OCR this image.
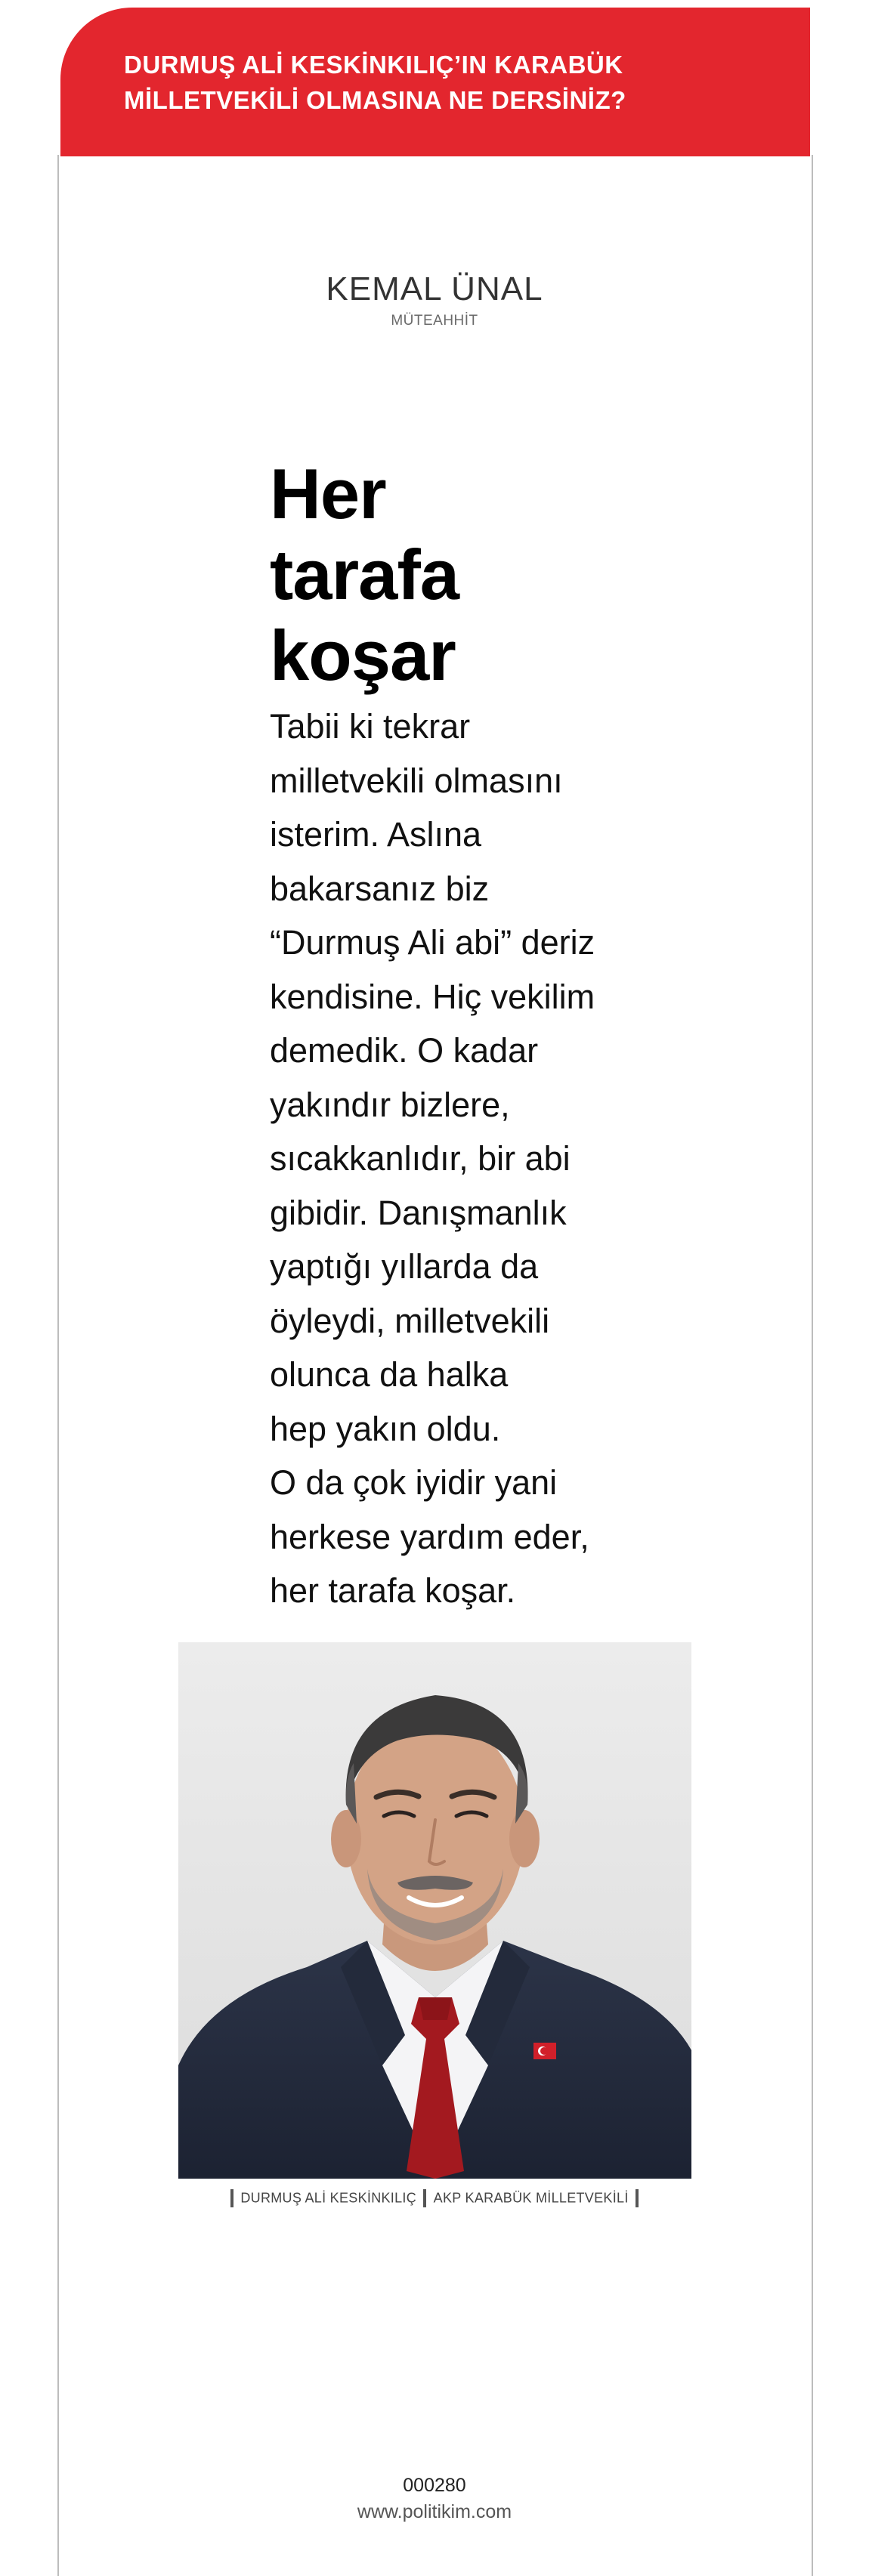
DURMUŞ ALİ KESKİNKILIÇ’IN KARABÜK
MİLLETVEKİLİ OLMASINA NE DERSİNİZ?
KEMAL ÜNAL
MÜTEAHHİT
Her
tarafa
koşar
Tabii ki tekrar
milletvekili olmasını
isterim. Aslına
bakarsanız biz
“Durmuş Ali abi” deriz
kendisine. Hiç vekilim
demedik. O kadar
yakındır bizlere,
sıcakkanlıdır, bir abi
gibidir. Danışmanlık
yaptığı yıllarda da
öyleydi, milletvekili
olunca da halka
hep yakın oldu.
O da çok iyidir yani
herkese yardım eder,
her tarafa koşar.
DURMUŞ ALİ KESKİNKILIÇ AKP KARABÜK MİLLETVEKİLİ
000280
www.politikim.com
